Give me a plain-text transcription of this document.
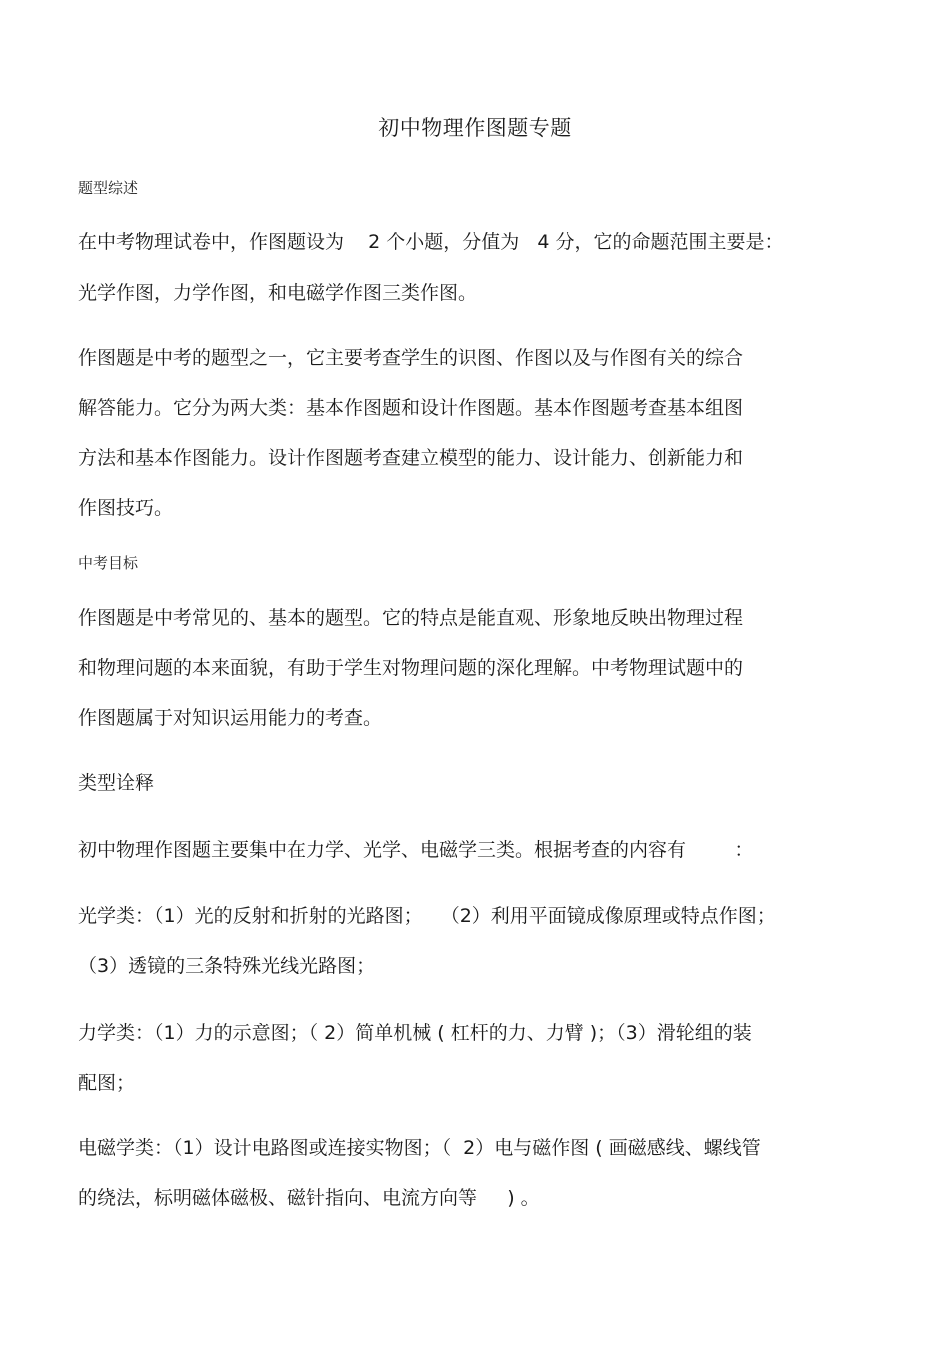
初中物理作图题专题
题型综述
在中考物理试卷中，作图题设为    2 个小题，分值为   4 分，它的命题范围主要是：
光学作图，力学作图，和电磁学作图三类作图。
作图题是中考的题型之一，它主要考查学生的识图、作图以及与作图有关的综合
解答能力。它分为两大类：基本作图题和设计作图题。基本作图题考查基本组图
方法和基本作图能力。设计作图题考查建立模型的能力、设计能力、创新能力和
作图技巧。
中考目标
作图题是中考常见的、基本的题型。它的特点是能直观、形象地反映出物理过程
和物理问题的本来面貌，有助于学生对物理问题的深化理解。中考物理试题中的
作图题属于对知识运用能力的考查。
类型诠释
初中物理作图题主要集中在力学、光学、电磁学三类。根据考查的内容有        ：
光学类：（1）光的反射和折射的光路图；   （2）利用平面镜成像原理或特点作图；
（3）透镜的三条特殊光线光路图；
力学类：（1）力的示意图；（ 2）简单机械 ( 杠杆的力、力臂 )；（3）滑轮组的装
配图；
电磁学类：（1）设计电路图或连接实物图；（  2）电与磁作图 ( 画磁感线、螺线管
的绕法，标明磁体磁极、磁针指向、电流方向等     ) 。
